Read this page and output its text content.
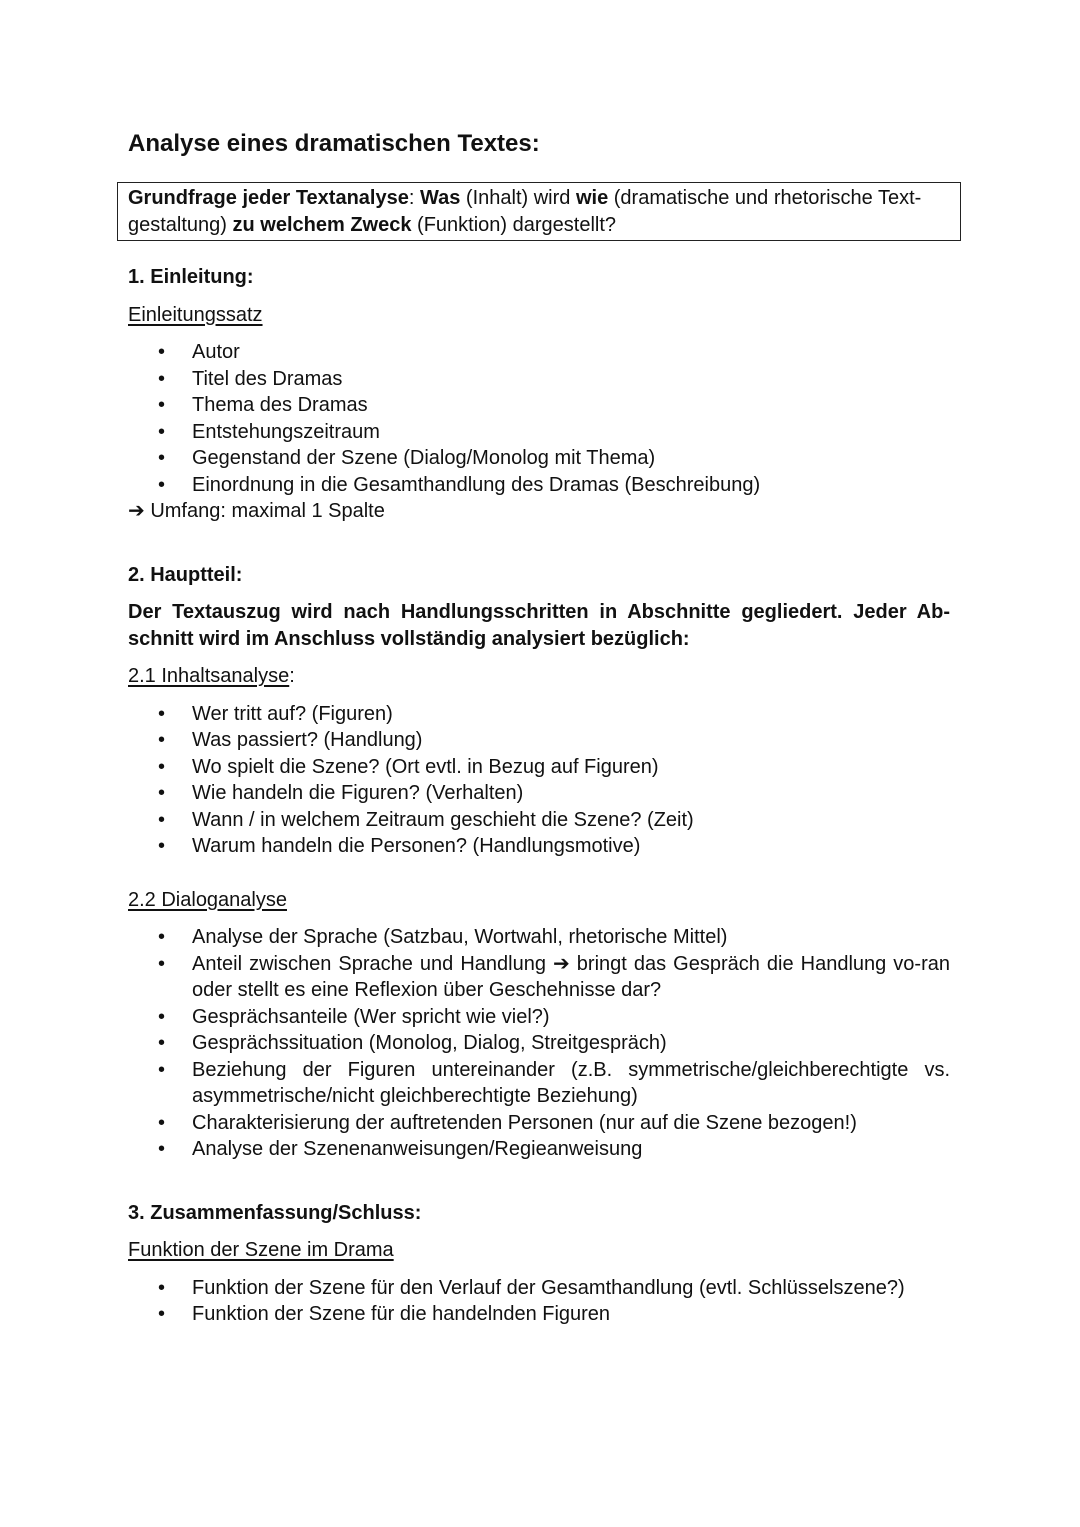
Analyse eines dramatischen Textes:
Grundfrage jeder Textanalyse: Was (Inhalt) wird wie (dramatische und rhetorische Text-gestaltung) zu welchem Zweck (Funktion) dargestellt?

1. Einleitung:

Einleitungssatz

• Autor
• Titel des Dramas
• Thema des Dramas
• Entstehungszeitraum
• Gegenstand der Szene (Dialog/Monolog mit Thema)
• Einordnung in die Gesamthandlung des Dramas (Beschreibung)

➔ Umfang: maximal 1 Spalte

2. Hauptteil:

Der Textauszug wird nach Handlungsschritten in Abschnitte gegliedert. Jeder Ab-schnitt wird im Anschluss vollständig analysiert bezüglich:

2.1 Inhaltsanalyse:

• Wer tritt auf? (Figuren)
• Was passiert? (Handlung)
• Wo spielt die Szene? (Ort evtl. in Bezug auf Figuren)
• Wie handeln die Figuren? (Verhalten)
• Wann / in welchem Zeitraum geschieht die Szene? (Zeit)
• Warum handeln die Personen? (Handlungsmotive)

2.2 Dialoganalyse

• Analyse der Sprache (Satzbau, Wortwahl, rhetorische Mittel)
• Anteil zwischen Sprache und Handlung ➔ bringt das Gespräch die Handlung vo-ran oder stellt es eine Reflexion über Geschehnisse dar?
• Gesprächsanteile (Wer spricht wie viel?)
• Gesprächssituation (Monolog, Dialog, Streitgespräch)
• Beziehung der Figuren untereinander (z.B. symmetrische/gleichberechtigte vs. asymmetrische/nicht gleichberechtigte Beziehung)
• Charakterisierung der auftretenden Personen (nur auf die Szene bezogen!)
• Analyse der Szenenanweisungen/Regieanweisung

3. Zusammenfassung/Schluss:

Funktion der Szene im Drama

• Funktion der Szene für den Verlauf der Gesamthandlung (evtl. Schlüsselszene?)
• Funktion der Szene für die handelnden Figuren
